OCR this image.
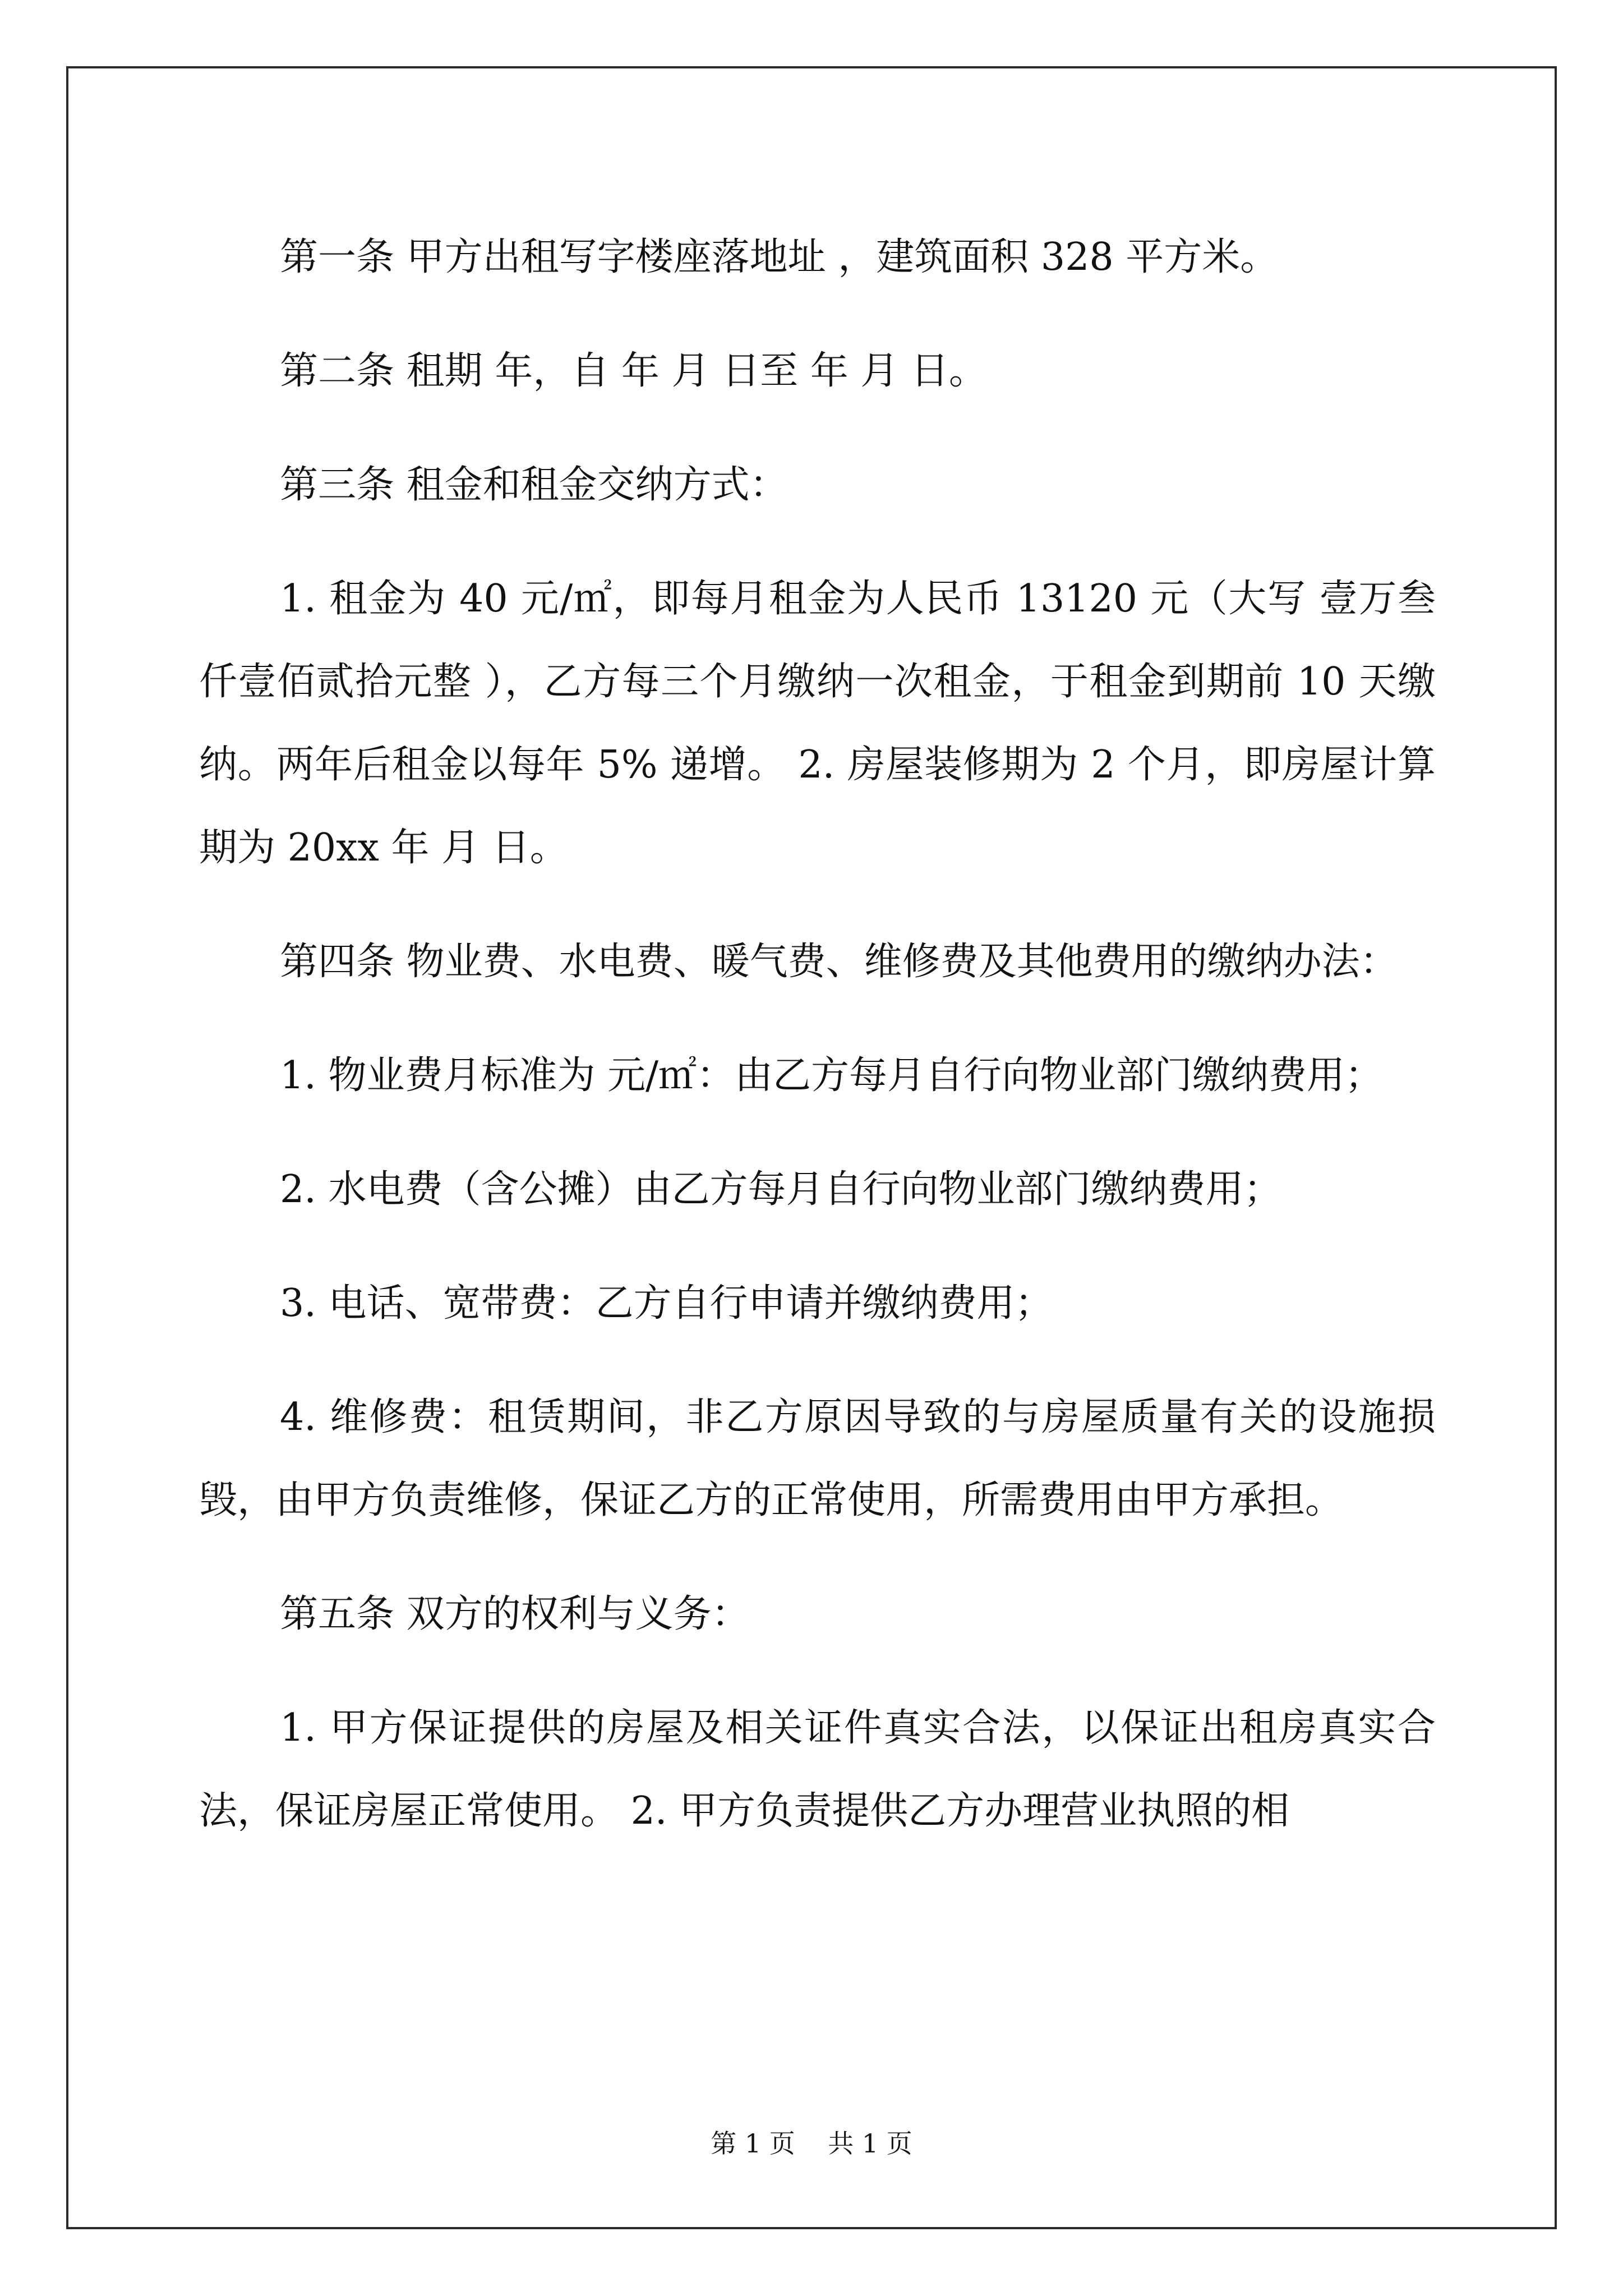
第一条 甲方出租写字楼座落地址 ，建筑面积 328 平方米。

第二条 租期 年，自 年 月 日至 年 月 日。

第三条 租金和租金交纳方式：

1. 租金为 40 元/㎡，即每月租金为人民币 13120 元（大写 壹万叁仟壹佰贰拾元整 ），乙方每三个月缴纳一次租金，于租金到期前 10 天缴纳。两年后租金以每年 5% 递增。 2. 房屋装修期为 2 个月，即房屋计算期为 20xx 年 月 日。

第四条 物业费、水电费、暖气费、维修费及其他费用的缴纳办法：

1. 物业费月标准为 元/㎡：由乙方每月自行向物业部门缴纳费用；

2. 水电费（含公摊）由乙方每月自行向物业部门缴纳费用；

3. 电话、宽带费：乙方自行申请并缴纳费用；

4. 维修费：租赁期间，非乙方原因导致的与房屋质量有关的设施损毁，由甲方负责维修，保证乙方的正常使用，所需费用由甲方承担。

第五条 双方的权利与义务：

1. 甲方保证提供的房屋及相关证件真实合法，以保证出租房真实合法，保证房屋正常使用。 2. 甲方负责提供乙方办理营业执照的相

第 1 页    共 1 页
